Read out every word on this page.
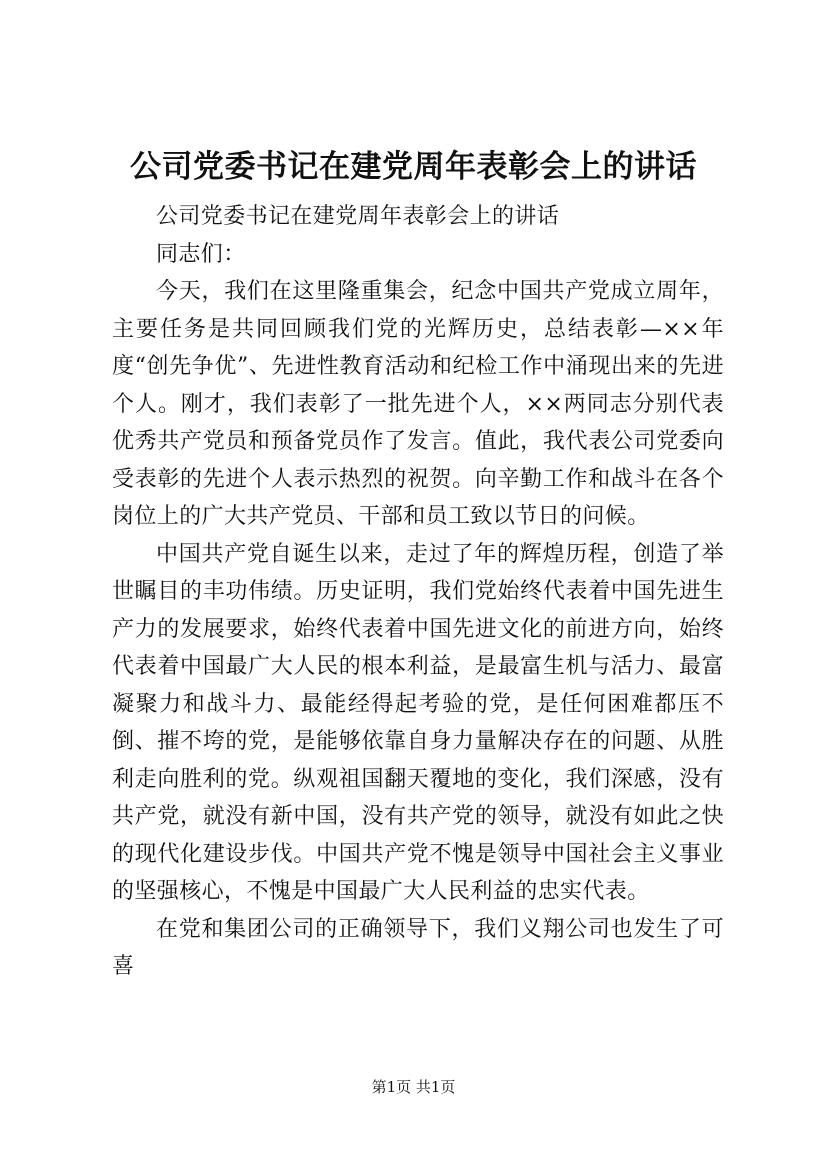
公司党委书记在建党周年表彰会上的讲话

公司党委书记在建党周年表彰会上的讲话

同志们：

今天，我们在这里隆重集会，纪念中国共产党成立周年，主要任务是共同回顾我们党的光辉历史，总结表彰—××年度“创先争优”、先进性教育活动和纪检工作中涌现出来的先进个人。刚才，我们表彰了一批先进个人，××两同志分别代表优秀共产党员和预备党员作了发言。值此，我代表公司党委向受表彰的先进个人表示热烈的祝贺。向辛勤工作和战斗在各个岗位上的广大共产党员、干部和员工致以节日的问候。

中国共产党自诞生以来，走过了年的辉煌历程，创造了举世瞩目的丰功伟绩。历史证明，我们党始终代表着中国先进生产力的发展要求，始终代表着中国先进文化的前进方向，始终代表着中国最广大人民的根本利益，是最富生机与活力、最富凝聚力和战斗力、最能经得起考验的党，是任何困难都压不倒、摧不垮的党，是能够依靠自身力量解决存在的问题、从胜利走向胜利的党。纵观祖国翻天覆地的变化，我们深感，没有共产党，就没有新中国，没有共产党的领导，就没有如此之快的现代化建设步伐。中国共产党不愧是领导中国社会主义事业的坚强核心，不愧是中国最广大人民利益的忠实代表。

在党和集团公司的正确领导下，我们义翔公司也发生了可喜

第1页 共1页
